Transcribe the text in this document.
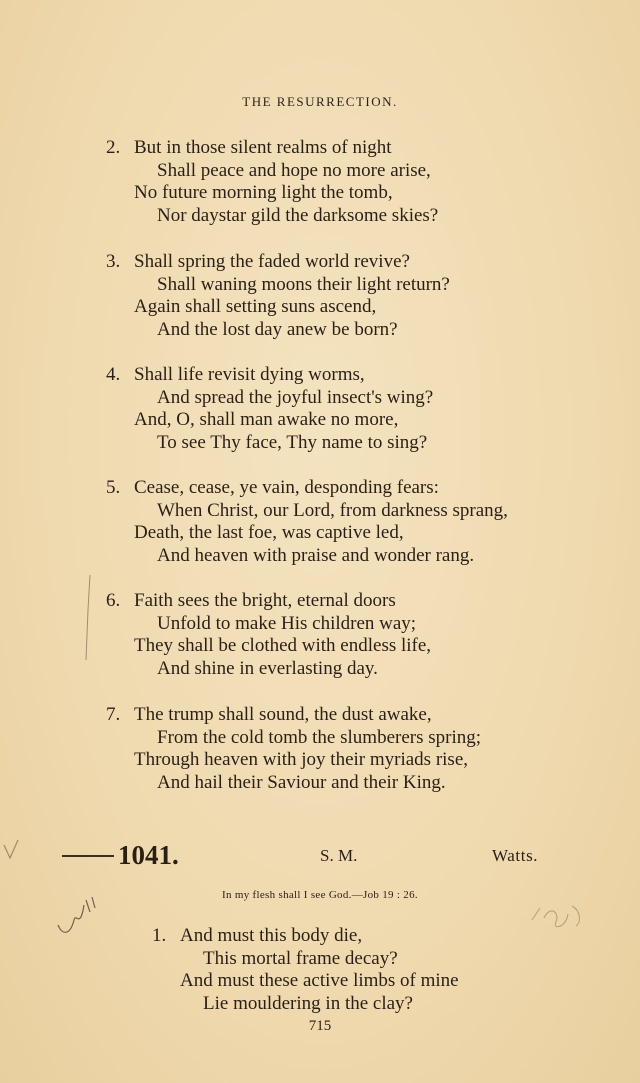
THE RESURRECTION.
2. But in those silent realms of night
Shall peace and hope no more arise,
No future morning light the tomb,
Nor daystar gild the darksome skies?
3. Shall spring the faded world revive?
Shall waning moons their light return?
Again shall setting suns ascend,
And the lost day anew be born?
4. Shall life revisit dying worms,
And spread the joyful insect's wing?
And, O, shall man awake no more,
To see Thy face, Thy name to sing?
5. Cease, cease, ye vain, desponding fears:
When Christ, our Lord, from darkness sprang,
Death, the last foe, was captive led,
And heaven with praise and wonder rang.
6. Faith sees the bright, eternal doors
Unfold to make His children way;
They shall be clothed with endless life,
And shine in everlasting day.
7. The trump shall sound, the dust awake,
From the cold tomb the slumberers spring;
Through heaven with joy their myriads rise,
And hail their Saviour and their King.
1041.	S. M.	Watts.
In my flesh shall I see God.—Job 19 : 26.
1. And must this body die,
This mortal frame decay?
And must these active limbs of mine
Lie mouldering in the clay?
715
